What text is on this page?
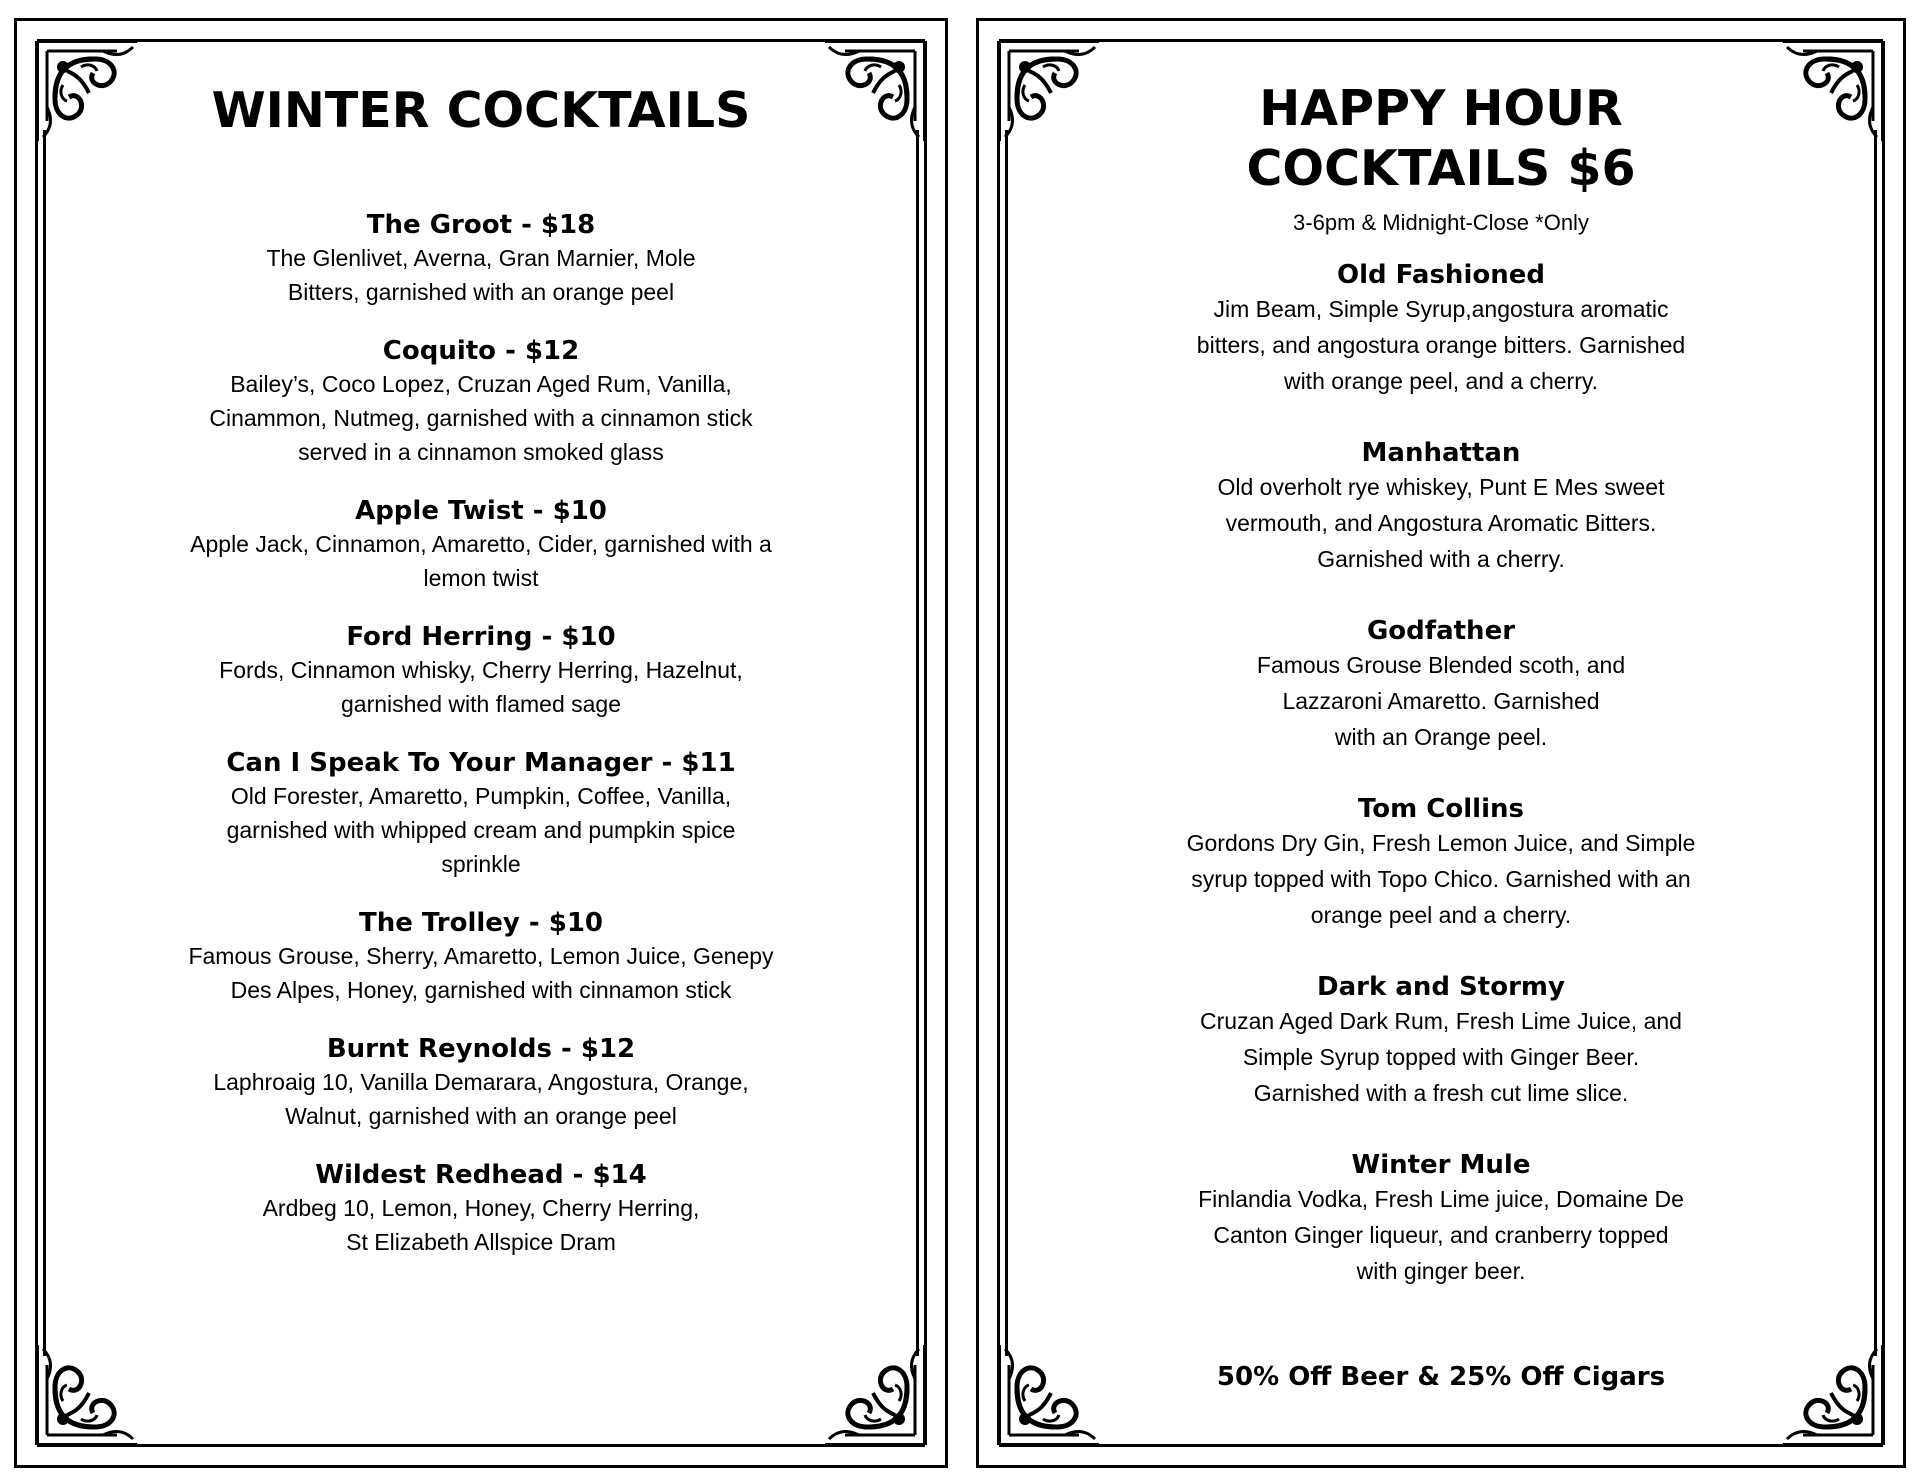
WINTER COCKTAILS
The Groot - $18
The Glenlivet, Averna, Gran Marnier, Mole
Bitters, garnished with an orange peel
Coquito - $12
Bailey’s, Coco Lopez, Cruzan Aged Rum, Vanilla,
Cinammon, Nutmeg, garnished with a cinnamon stick
served in a cinnamon smoked glass
Apple Twist - $10
Apple Jack, Cinnamon, Amaretto, Cider, garnished with a
lemon twist
Ford Herring - $10
Fords, Cinnamon whisky, Cherry Herring, Hazelnut,
garnished with flamed sage
Can I Speak To Your Manager - $11
Old Forester, Amaretto, Pumpkin, Coffee, Vanilla,
garnished with whipped cream and pumpkin spice
sprinkle
The Trolley - $10
Famous Grouse, Sherry, Amaretto, Lemon Juice, Genepy
Des Alpes, Honey, garnished with cinnamon stick
Burnt Reynolds - $12
Laphroaig 10, Vanilla Demarara, Angostura, Orange,
Walnut, garnished with an orange peel
Wildest Redhead - $14
Ardbeg 10, Lemon, Honey, Cherry Herring,
St Elizabeth Allspice Dram
HAPPY HOUR
COCKTAILS $6
3-6pm & Midnight-Close *Only
Old Fashioned
Jim Beam, Simple Syrup,angostura aromatic
bitters, and angostura orange bitters. Garnished
with orange peel, and a cherry.
Manhattan
Old overholt rye whiskey, Punt E Mes sweet
vermouth, and Angostura Aromatic Bitters.
Garnished with a cherry.
Godfather
Famous Grouse Blended scoth, and
Lazzaroni Amaretto. Garnished
with an Orange peel.
Tom Collins
Gordons Dry Gin, Fresh Lemon Juice, and Simple
syrup topped with Topo Chico. Garnished with an
orange peel and a cherry.
Dark and Stormy
Cruzan Aged Dark Rum, Fresh Lime Juice, and
Simple Syrup topped with Ginger Beer.
Garnished with a fresh cut lime slice.
Winter Mule
Finlandia Vodka, Fresh Lime juice, Domaine De
Canton Ginger liqueur, and cranberry topped
with ginger beer.
50% Off Beer & 25% Off Cigars
